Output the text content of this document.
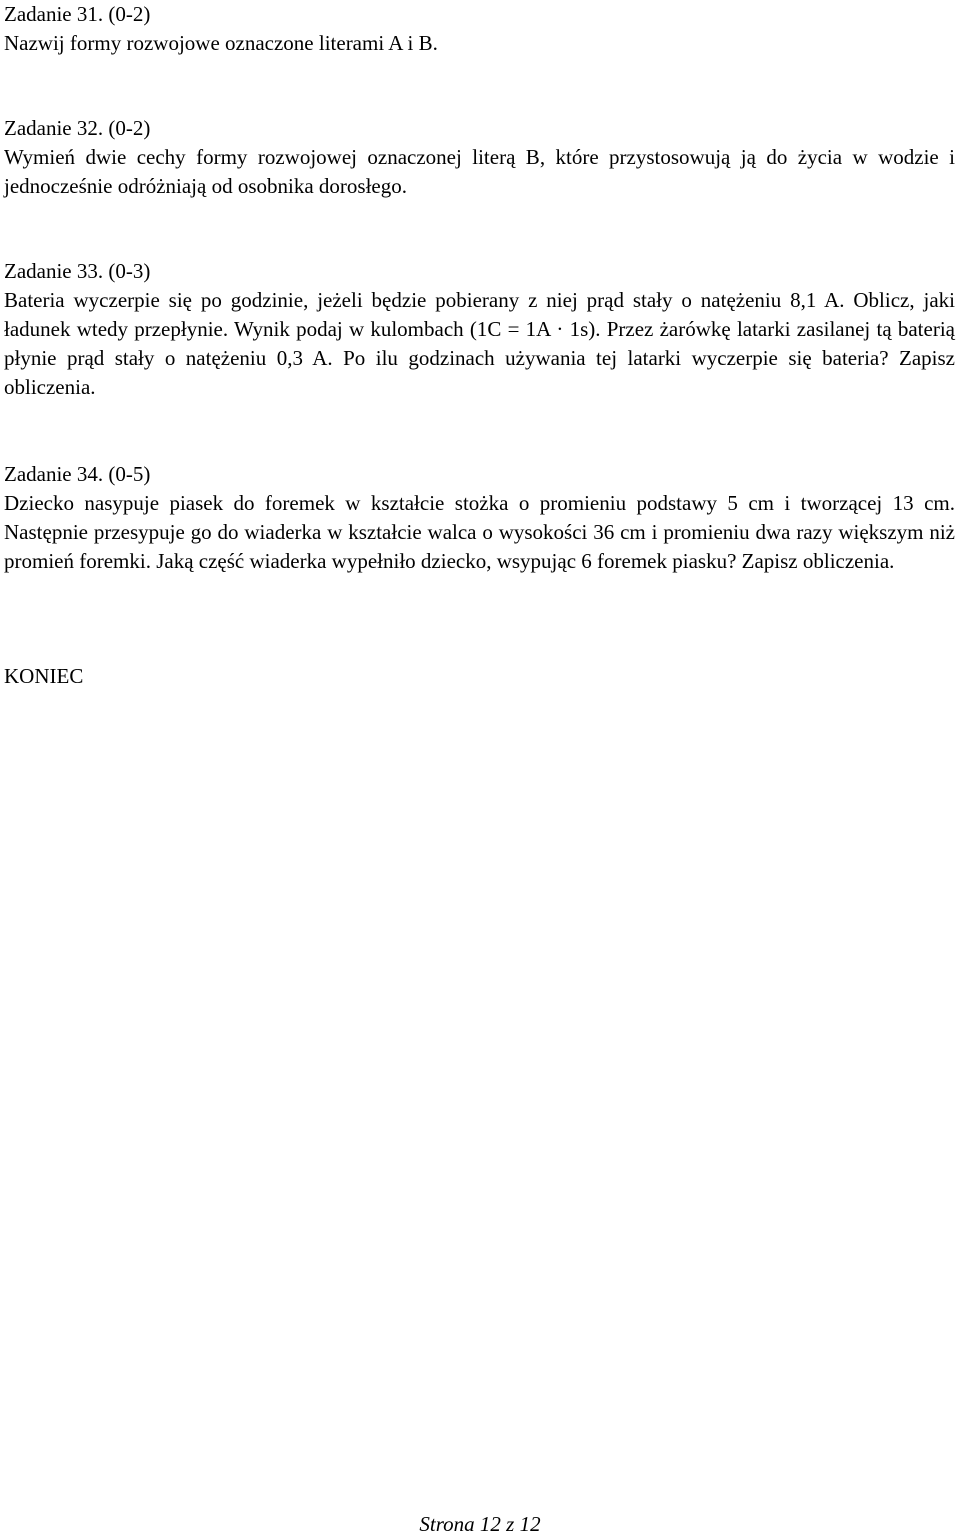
Zadanie 31. (0-2)

Nazwij formy rozwojowe oznaczone literami A i B.

Zadanie 32. (0-2)

Wymień dwie cechy formy rozwojowej oznaczonej literą B, które przystosowują ją do życia w wodzie i jednocześnie odróżniają od osobnika dorosłego.

Zadanie 33. (0-3)

Bateria wyczerpie się po godzinie, jeżeli będzie pobierany z niej prąd stały o natężeniu 8,1 A. Oblicz, jaki ładunek wtedy przepłynie. Wynik podaj w kulombach (1C = 1A · 1s). Przez żarówkę latarki zasilanej tą baterią płynie prąd stały o natężeniu 0,3 A. Po ilu godzinach używania tej latarki wyczerpie się bateria? Zapisz obliczenia.

Zadanie 34. (0-5)

Dziecko nasypuje piasek do foremek w kształcie stożka o promieniu podstawy 5 cm i tworzącej 13 cm. Następnie przesypuje go do wiaderka w kształcie walca o wysokości 36 cm i promieniu dwa razy większym niż promień foremki. Jaką część wiaderka wypełniło dziecko, wsypując 6 foremek piasku? Zapisz obliczenia.

KONIEC
Strona 12 z 12
